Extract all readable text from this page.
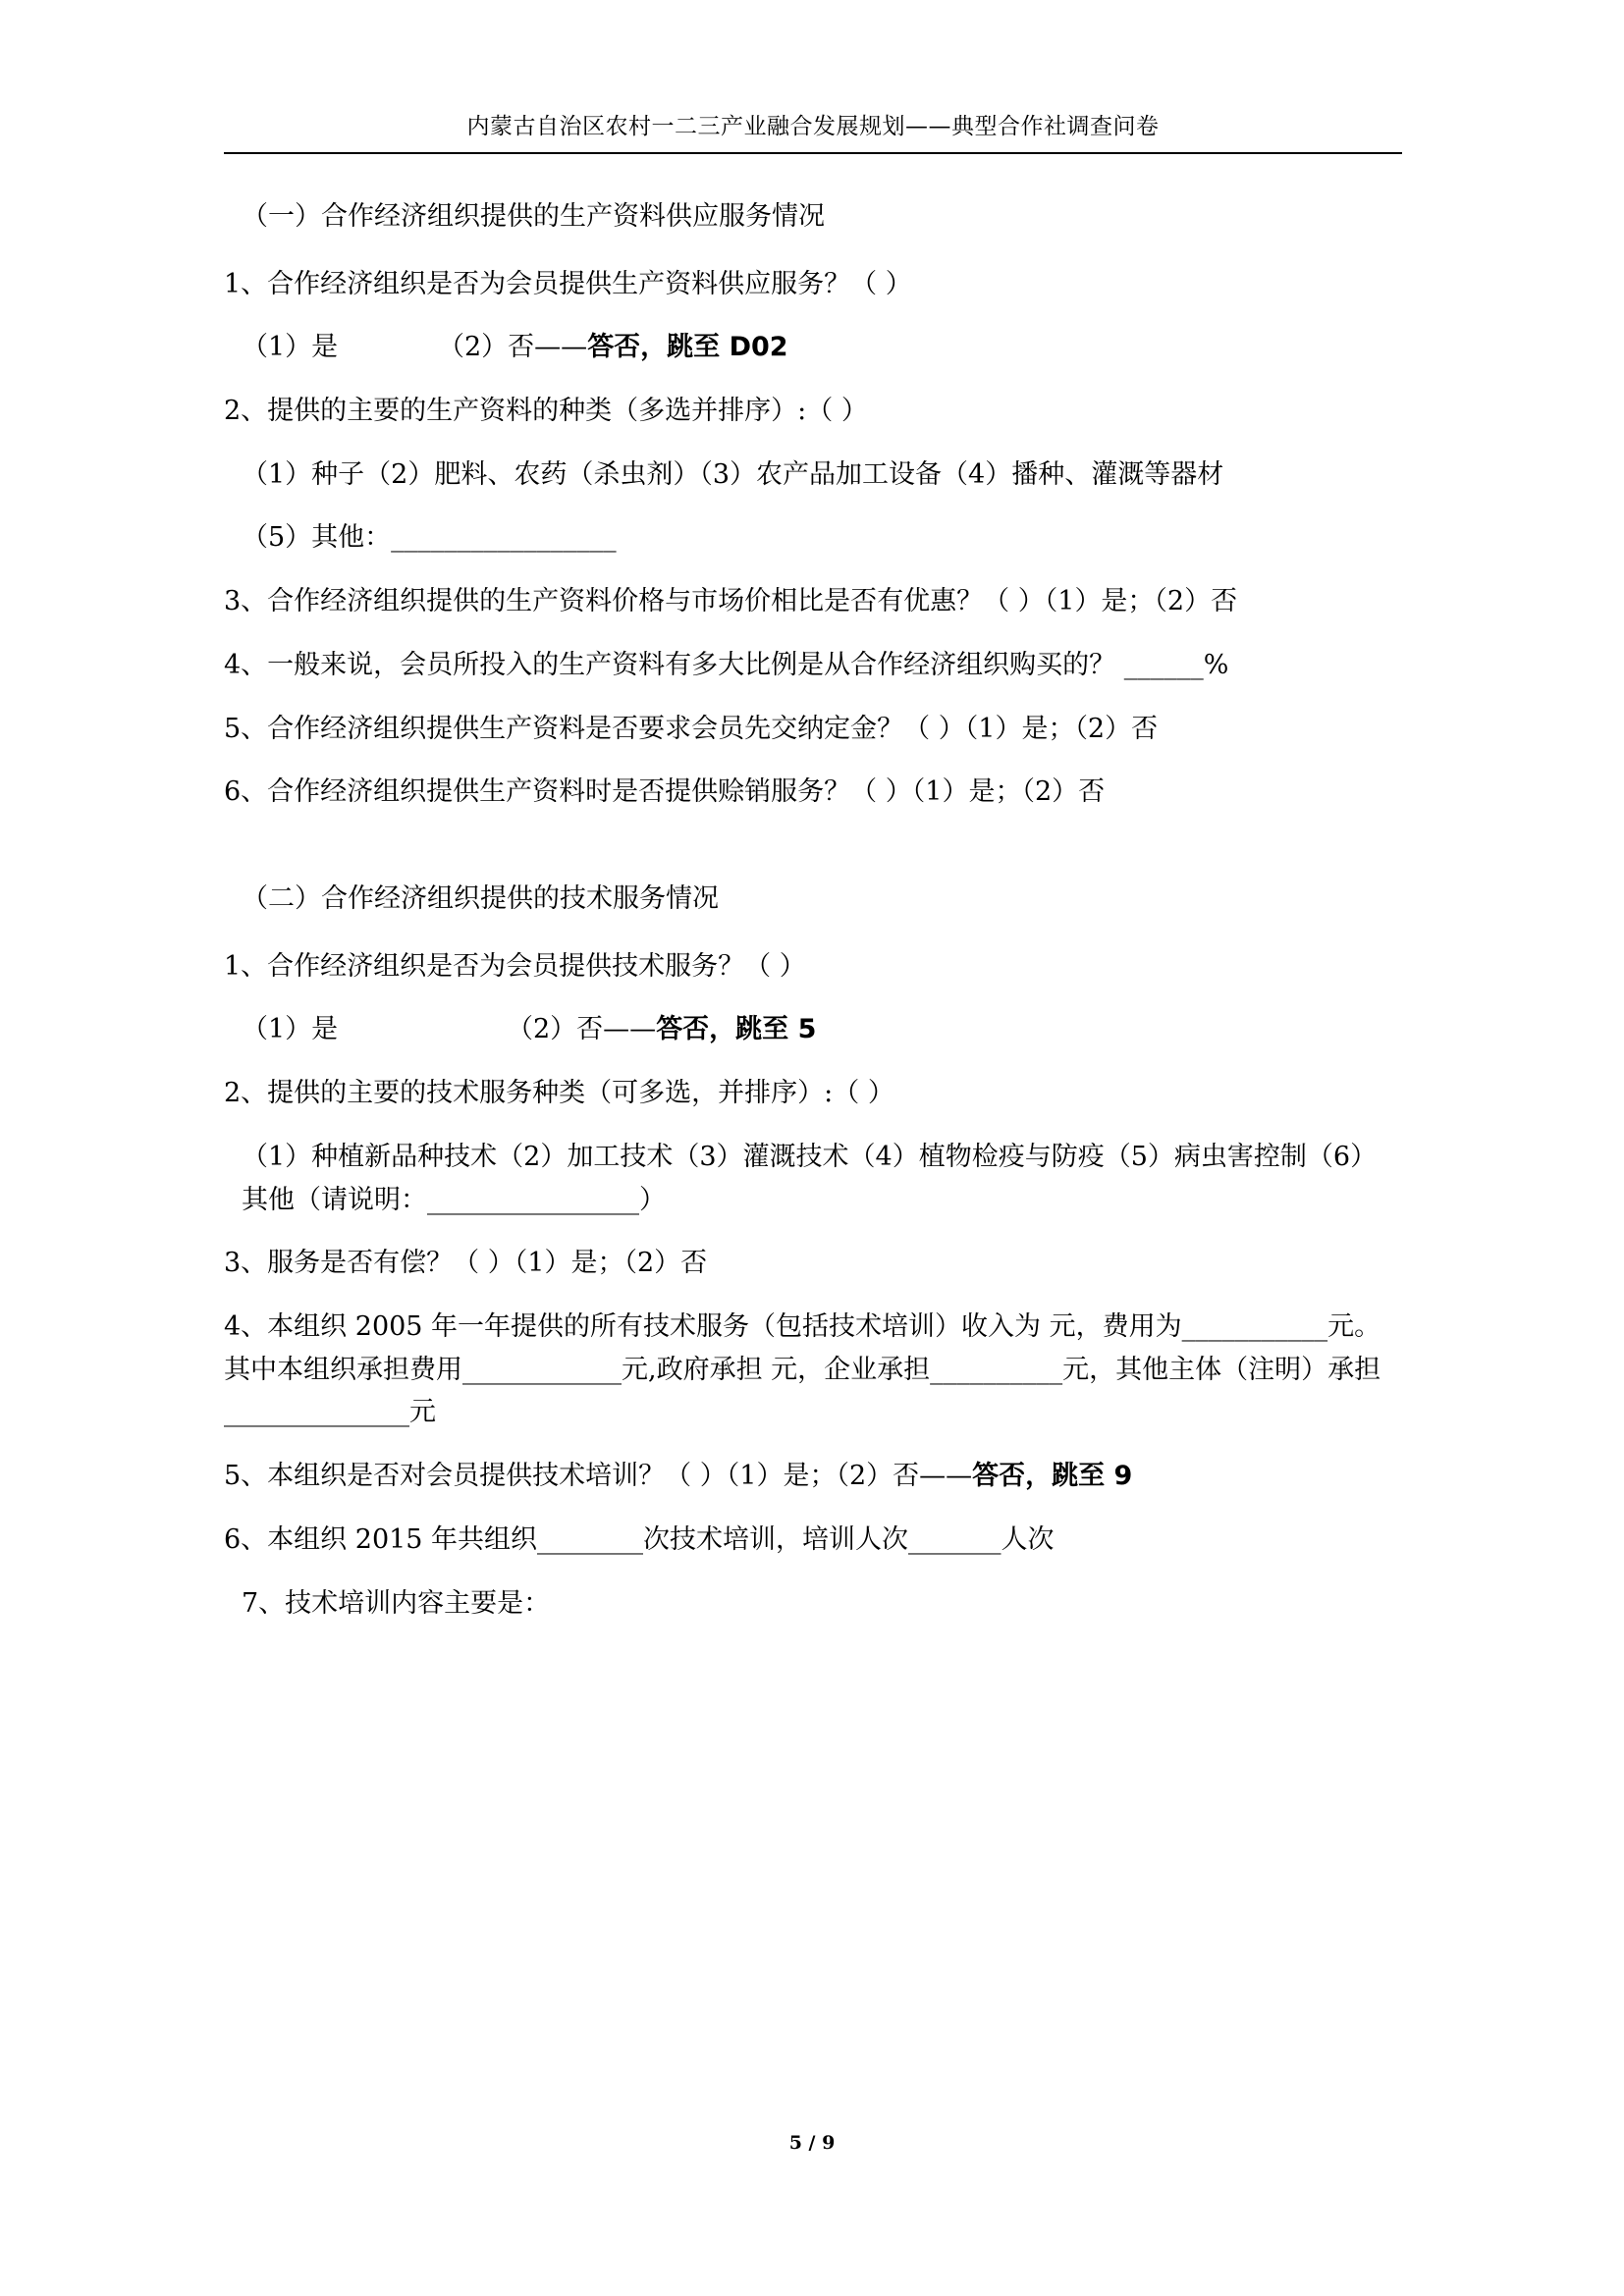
内蒙古自治区农村一二三产业融合发展规划——典型合作社调查问卷
（一）合作经济组织提供的生产资料供应服务情况
1、合作经济组织是否为会员提供生产资料供应服务？（ ）
（1）是	（2）否——答否，跳至 D02
2、提供的主要的生产资料的种类（多选并排序）:（ ）
（1）种子（2）肥料、农药（杀虫剂）（3）农产品加工设备（4）播种、灌溉等器材
（5）其他：_________________
3、合作经济组织提供的生产资料价格与市场价相比是否有优惠？（ ）（1）是；（2）否
4、一般来说，会员所投入的生产资料有多大比例是从合作经济组织购买的？ ______%
5、合作经济组织提供生产资料是否要求会员先交纳定金？（ ）（1）是；（2）否
6、合作经济组织提供生产资料时是否提供赊销服务？（ ）（1）是；（2）否
（二）合作经济组织提供的技术服务情况
1、合作经济组织是否为会员提供技术服务？（ ）
（1）是	（2）否——答否，跳至 5
2、提供的主要的技术服务种类（可多选，并排序）:（ ）
（1）种植新品种技术（2）加工技术（3）灌溉技术（4）植物检疫与防疫（5）病虫害控制（6）其他（请说明：________________）
3、服务是否有偿？（ ）（1）是；（2）否
4、本组织 2005 年一年提供的所有技术服务（包括技术培训）收入为 元，费用为___________元。其中本组织承担费用____________元,政府承担 元，企业承担__________元，其他主体（注明）承担______________元
5、本组织是否对会员提供技术培训？（ ）（1）是；（2）否——答否，跳至 9
6、本组织 2015 年共组织________次技术培训，培训人次_______人次
7、技术培训内容主要是：
5 / 9
